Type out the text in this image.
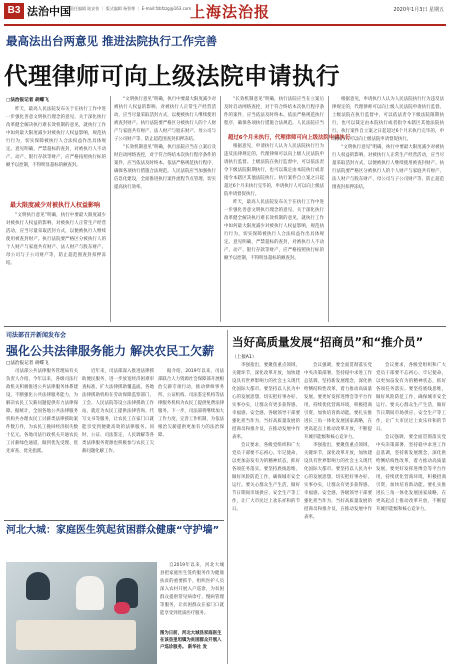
B3 法治中国 责任编辑 陆安怡 ｜ 版式编辑 杨智尊 ｜ E-mail:fzbfzzg@163.com
上海法治报	2020年1月3日 星期五
最高法出台两意见 推进法院执行工作完善
代理律师可向上级法院申请执行
□法治报记者 胡蝶飞

昨天，最高人民法院发布关于在执行工作中进一步强化善意文明执行理念的意见、关于深化执行改革健全解决执行难长效机制的意见，就执行工作中如何最大限度减少对被执行人权益影响，规范执行行为，切实保障被执行人合法权益作出具体规定。意见明确，严禁超标的查封，对被执行人不动产、动产、银行存款等财产，应严格按照执行标的额予以控制，不得明显超标的额查封。

最大限度减少对被执行人权益影响

“文明执行意见”明确，执行中要最大限度减少对被执行人权益的影响，对被执行人正常生产经营活动，应当尽量采取活封方式，以便被执行人继续使用被查封财产。执行法院要严格区分被执行人的个人财产与家庭共有财产、法人财产与股东财产、母公司与子公司财产等，防止超范围查封扣押冻结。

“文明执行意见”明确，执行中要最大限度减少对被执行人权益的影响，对被执行人正常生产经营活动，应当尽量采取活封方式，以便被执行人继续使用被查封财产。执行法院要严格区分被执行人的个人财产与家庭共有财产、法人财产与股东财产、母公司与子公司财产等，防止超范围查封扣押冻结。

“长效机制意见”明确，执行法院应当在立案后及时启动网络查控，对于符合终结本次执行程序条件的案件，应当依法及时终本。依法严格规范执行程序，确保各项执行措施合法规范。人民法院应当加强执行信息化建设，全面推进执行案件流程节点管理，切实提高执行效率。

“长效机制意见”明确，执行法院应当在立案后及时启动网络查控，对于符合终结本次执行程序条件的案件，应当依法及时终本。依法严格规范执行程序，确保各项执行措施合法规范。人民法院应当

超过6个月未执行，代理律师可向上级法院申请执行

根据意见，申请执行人认为人民法院执行行为违反法律规定的，代理律师可以向上级人民法院申请执行监督。上级法院在执行监督中，可以依法责令下级法院限期执行，也可以裁定由本院执行或者指令本辖区其他法院执行。执行案件自立案之日起超过6个月未执行完毕的，申请执行人可以向上级法院申请督促执行。

昨天，最高人民法院发布关于在执行工作中进一步强化善意文明执行理念的意见、关于深化执行改革健全解决执行难长效机制的意见，就执行工作中如何最大限度减少对被执行人权益影响，规范执行行为，切实保障被执行人合法权益作出具体规定。意见明确，严禁超标的查封，对被执行人不动产、动产、银行存款等财产，应严格按照执行标的额予以控制，不得明显超标的额查封。

根据意见，申请执行人认为人民法院执行行为违反法律规定的，代理律师可以向上级人民法院申请执行监督。上级法院在执行监督中，可以依法责令下级法院限期执行，也可以裁定由本院执行或者指令本辖区其他法院执行。执行案件自立案之日起超过6个月未执行完毕的，申请执行人可以向上级法院申请督促执行。

“文明执行意见”明确，执行中要最大限度减少对被执行人权益的影响，对被执行人正常生产经营活动，应当尽量采取活封方式，以便被执行人继续使用被查封财产。执行法院要严格区分被执行人的个人财产与家庭共有财产、法人财产与股东财产、母公司与子公司财产等，防止超范围查封扣押冻结。

司法部召开新闻发布会
强化公共法律服务能力 解决农民工欠薪
□法治报记者 胡蝶飞

司法部公共法律服务管理局有关负责人介绍，今年以来，各级司法行政机关积极推进公共法律服务体系建设，不断强化公共法律服务能力，为解决农民工欠薪问题提供有力法律保障。据统计，全国各地公共法律服务机构共办理农民工讨薪类法律援助案件数万件，为农民工挽回经济损失数十亿元。各地司法行政机关开通农民工讨薪绿色通道，做到优先受理、优先审查、优先指派。

近年来，司法部深入推进法律援助便民服务，进一步放宽经济困难审查标准，扩大法律援助覆盖面。各地法律援助机构在劳动保障监察部门、工会、人民法院等设立法律援助工作站，就近为农民工提供法律咨询、代写文书等服务，让农民工在家门口就能享受到便捷高效的法律服务。同时，公证、司法鉴定、人民调解等各类法律服务资源也积极参与农民工欠薪问题化解工作。

据介绍，2019年以来，司法部联合人力资源社会保障部开展根治欠薪专项行动，推动律师事务所、公证机构、司法鉴定机构等法律服务机构为农民工提供免费法律服务。下一步，司法部将继续加大工作力度，完善工作机制，为依法根治欠薪提供更加有力的法治保障。

河北大城：家庭医生筑起贫困群众健康“守护墙”

自2019年以来，河北大城县把家庭医生签约服务作为健康扶贫的重要抓手，组织医护人员深入农村开展入户巡诊，为贫困群众提供常见病诊疗、慢病管理等服务，让贫困群众在家门口就能享受到优质医疗服务。

图为日前，河北大城县家庭医生在该县里坦镇为贫困群众开展入户巡诊服务。 新华社 发
当好高质量发展“招商员”和“推介员”
（上接A1）

李强指出，要聚焦重点领域，关键环节，深化改革开放，加快建设具有世界影响力的社会主义现代化国际大都市。要坚持以人民为中心的发展思想，切实把好事办好、实事办实，让群众有更多获得感、幸福感、安全感。各级领导干部要强化担当作为，当好高质量发展的招商员和推介员，在推动发展中作表率。

会议要求，各级党组织和广大党员干部要不忘初心、牢记使命，以更加奋发有为的精神状态，抓好各项任务落实。要坚持底线思维，做好风险防范工作，确保城市安全运行。要关心群众生产生活，做好节日期间市场供应、安全生产等工作，让广大市民过上欢乐祥和的节日。

会议强调，要全面贯彻落实党中央决策部署，坚持稳中求进工作总基调，坚持新发展理念，深化供给侧结构性改革，着力推动高质量发展。要更好发挥进博会等平台作用，持续优化营商环境，积极招商引资，加快培育新动能。要扎实推进长三角一体化发展国家战略，在更高起点上推动改革开放，不断提升城市能级和核心竞争力。

李强指出，要聚焦重点领域，关键环节，深化改革开放，加快建设具有世界影响力的社会主义现代化国际大都市。要坚持以人民为中心的发展思想，切实把好事办好、实事办实，让群众有更多获得感、幸福感、安全感。各级领导干部要强化担当作为，当好高质量发展的招商员和推介员，在推动发展中作表率。

会议要求，各级党组织和广大党员干部要不忘初心、牢记使命，以更加奋发有为的精神状态，抓好各项任务落实。要坚持底线思维，做好风险防范工作，确保城市安全运行。要关心群众生产生活，做好节日期间市场供应、安全生产等工作，让广大市民过上欢乐祥和的节日。

会议强调，要全面贯彻落实党中央决策部署，坚持稳中求进工作总基调，坚持新发展理念，深化供给侧结构性改革，着力推动高质量发展。要更好发挥进博会等平台作用，持续优化营商环境，积极招商引资，加快培育新动能。要扎实推进长三角一体化发展国家战略，在更高起点上推动改革开放，不断提升城市能级和核心竞争力。
